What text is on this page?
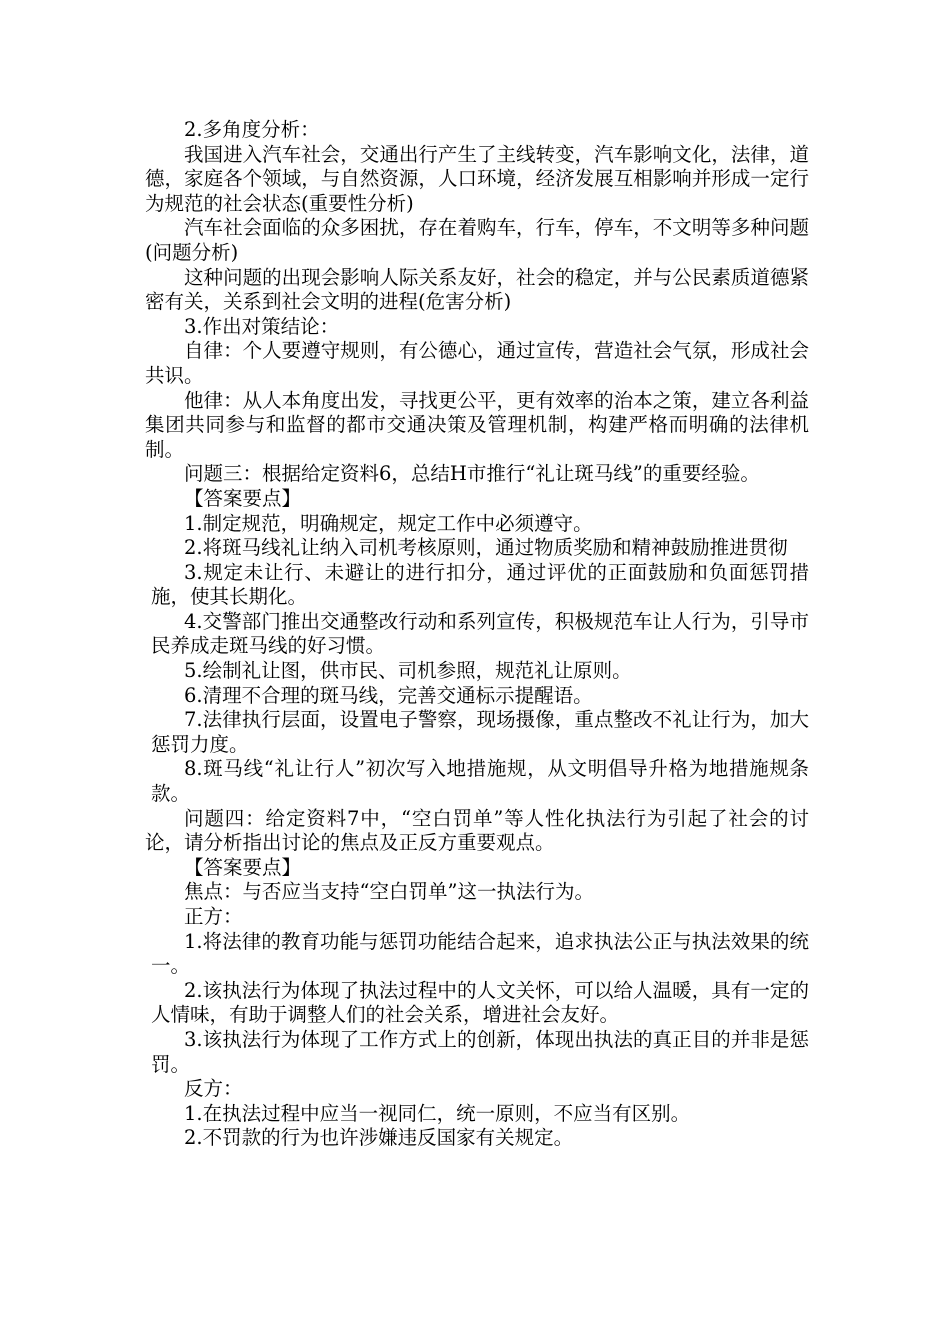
2.多角度分析：

我国进入汽车社会，交通出行产生了主线转变，汽车影响文化，法律，道德，家庭各个领域，与自然资源，人口环境，经济发展互相影响并形成一定行为规范的社会状态(重要性分析)

汽车社会面临的众多困扰，存在着购车，行车，停车，不文明等多种问题(问题分析)

这种问题的出现会影响人际关系友好，社会的稳定，并与公民素质道德紧密有关，关系到社会文明的进程(危害分析)

3.作出对策结论：

自律：个人要遵守规则，有公德心，通过宣传，营造社会气氛，形成社会共识。

他律：从人本角度出发，寻找更公平，更有效率的治本之策，建立各利益集团共同参与和监督的都市交通决策及管理机制，构建严格而明确的法律机制。

问题三：根据给定资料6，总结H市推行“礼让斑马线”的重要经验。

【答案要点】

1.制定规范，明确规定，规定工作中必须遵守。

2.将斑马线礼让纳入司机考核原则，通过物质奖励和精神鼓励推进贯彻

3.规定未让行、未避让的进行扣分，通过评优的正面鼓励和负面惩罚措施，使其长期化。

4.交警部门推出交通整改行动和系列宣传，积极规范车让人行为，引导市民养成走斑马线的好习惯。

5.绘制礼让图，供市民、司机参照，规范礼让原则。

6.清理不合理的斑马线，完善交通标示提醒语。

7.法律执行层面，设置电子警察，现场摄像，重点整改不礼让行为，加大惩罚力度。

8.斑马线“礼让行人”初次写入地措施规，从文明倡导升格为地措施规条款。

问题四：给定资料7中，“空白罚单”等人性化执法行为引起了社会的讨论，请分析指出讨论的焦点及正反方重要观点。

【答案要点】

焦点：与否应当支持“空白罚单”这一执法行为。

正方：

1.将法律的教育功能与惩罚功能结合起来，追求执法公正与执法效果的统一。

2.该执法行为体现了执法过程中的人文关怀，可以给人温暖，具有一定的人情味，有助于调整人们的社会关系，增进社会友好。

3.该执法行为体现了工作方式上的创新，体现出执法的真正目的并非是惩罚。

反方：

1.在执法过程中应当一视同仁，统一原则，不应当有区别。

2.不罚款的行为也许涉嫌违反国家有关规定。
